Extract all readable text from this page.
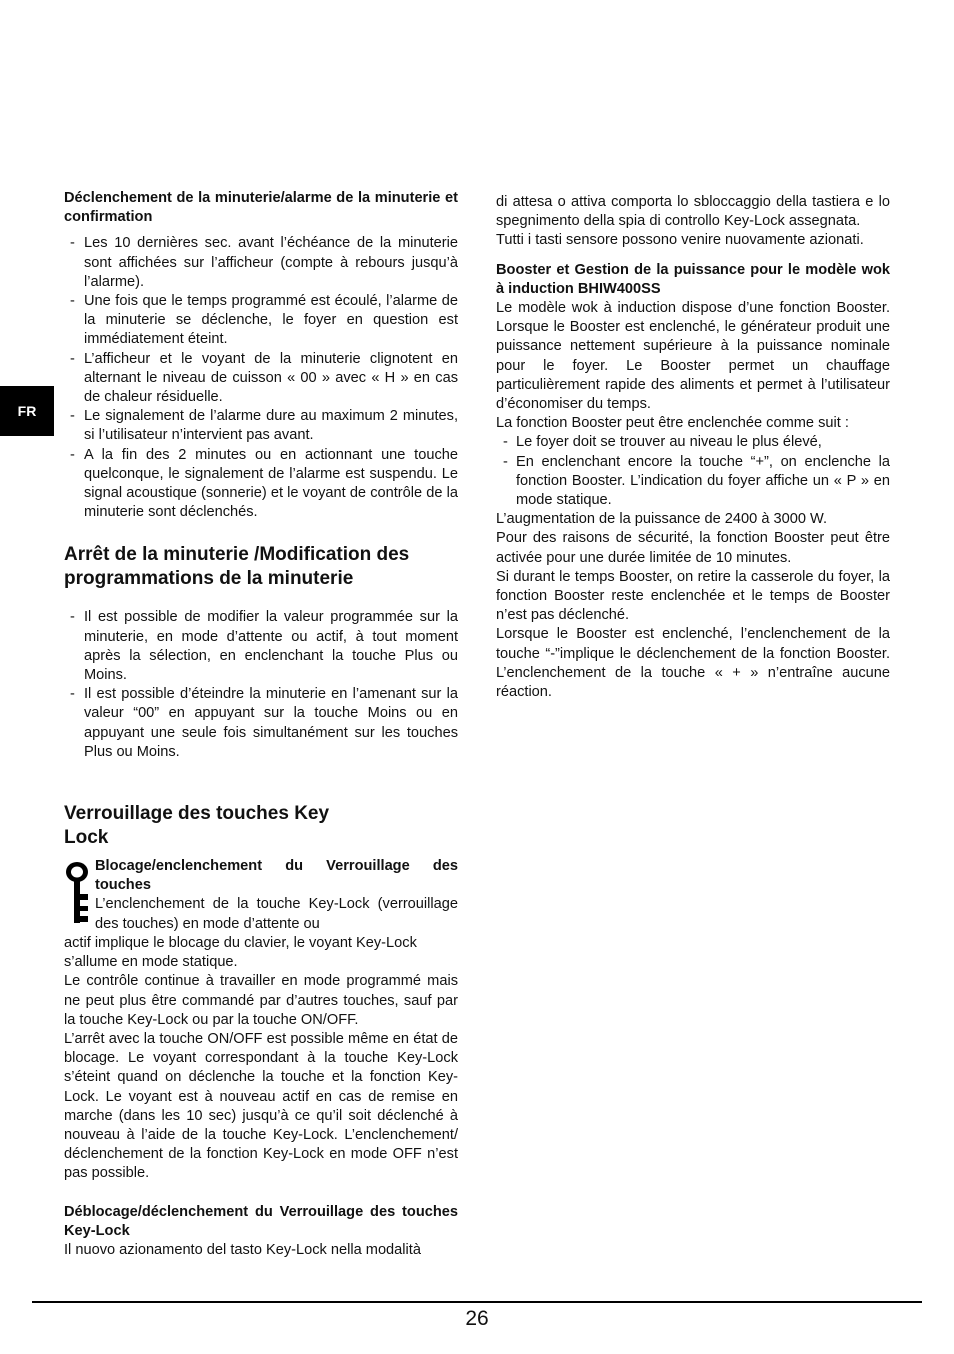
FR

Déclenchement de la minuterie/alarme de la minuterie et confirmation

- Les 10 dernières sec. avant l’échéance de la minuterie sont affichées sur l’afficheur (compte à rebours jusqu’à l’alarme).
- Une fois que le temps programmé est écoulé, l’alarme de la minuterie se déclenche, le foyer en question est immédiatement éteint.
- L’afficheur et le voyant de la minuterie clignotent en alternant le niveau de cuisson « 00 » avec « H » en cas de chaleur résiduelle.
- Le signalement de l’alarme dure au maximum 2 minutes, si l’utilisateur n’intervient pas avant.
- A la fin des 2 minutes ou en actionnant une touche quelconque, le signalement de l’alarme est suspendu. Le signal acoustique (sonnerie) et le voyant de contrôle de la minuterie sont déclenchés.
Arrêt de la minuterie /Modification des programmations de la minuterie
- Il est possible de modifier la valeur programmée sur la minuterie, en mode d’attente ou actif, à tout moment après la sélection, en enclenchant la touche Plus ou Moins.
- Il est possible d’éteindre la minuterie en l’amenant sur la valeur “00” en appuyant sur la touche Moins ou en appuyant une seule fois simultanément sur les touches Plus ou Moins.
Verrouillage des touches Key
Lock

Blocage/enclenchement du Verrouillage des touches

L’enclenchement de la touche Key-Lock (verrouillage des touches) en mode d’attente ou

actif implique le blocage du clavier, le voyant Key-Lock s’allume en mode statique.

Le contrôle continue à travailler en mode programmé mais ne peut plus être commandé par d’autres touches, sauf par la touche Key-Lock ou par la touche ON/OFF.

L’arrêt avec la touche ON/OFF est possible même en état de blocage. Le voyant correspondant à la touche Key-Lock s’éteint quand on déclenche la touche et la fonction Key-Lock. Le voyant est à nouveau actif en cas de remise en marche (dans les 10 sec) jusqu’à ce qu’il soit déclenché à nouveau à l’aide de la touche Key-Lock. L’enclenchement/ déclenchement de la fonction Key-Lock en mode OFF n’est pas possible.

Déblocage/déclenchement du Verrouillage des touches Key-Lock

Il nuovo azionamento del tasto Key-Lock nella modalità

di attesa o attiva comporta lo sbloccaggio della tastiera e lo spegnimento della spia di controllo Key-Lock assegnata.

Tutti i tasti sensore possono venire nuovamente azionati.

Booster et Gestion de la puissance pour le modèle wok à induction BHIW400SS

Le modèle wok à induction dispose d’une fonction Booster. Lorsque le Booster est enclenché, le générateur produit une puissance nettement supérieure à la puissance nominale pour le foyer. Le Booster permet un chauffage particulièrement rapide des aliments et permet à l’utilisateur d’économiser du temps.

La fonction Booster peut être enclenchée comme suit :

- Le foyer doit se trouver au niveau le plus élevé,
- En enclenchant encore la touche “+”, on enclenche la fonction Booster. L’indication du foyer affiche un « P » en mode statique.

L’augmentation de la puissance de 2400 à 3000 W.

Pour des raisons de sécurité, la fonction Booster peut être activée pour une durée limitée de 10 minutes.

Si durant le temps Booster, on retire la casserole du foyer, la fonction Booster reste enclenchée et le temps de Booster n’est pas déclenché.

Lorsque le Booster est enclenché, l’enclenchement de la touche “-”implique le déclenchement de la fonction Booster. L’enclenchement de la touche « + » n’entraîne aucune réaction.

26
